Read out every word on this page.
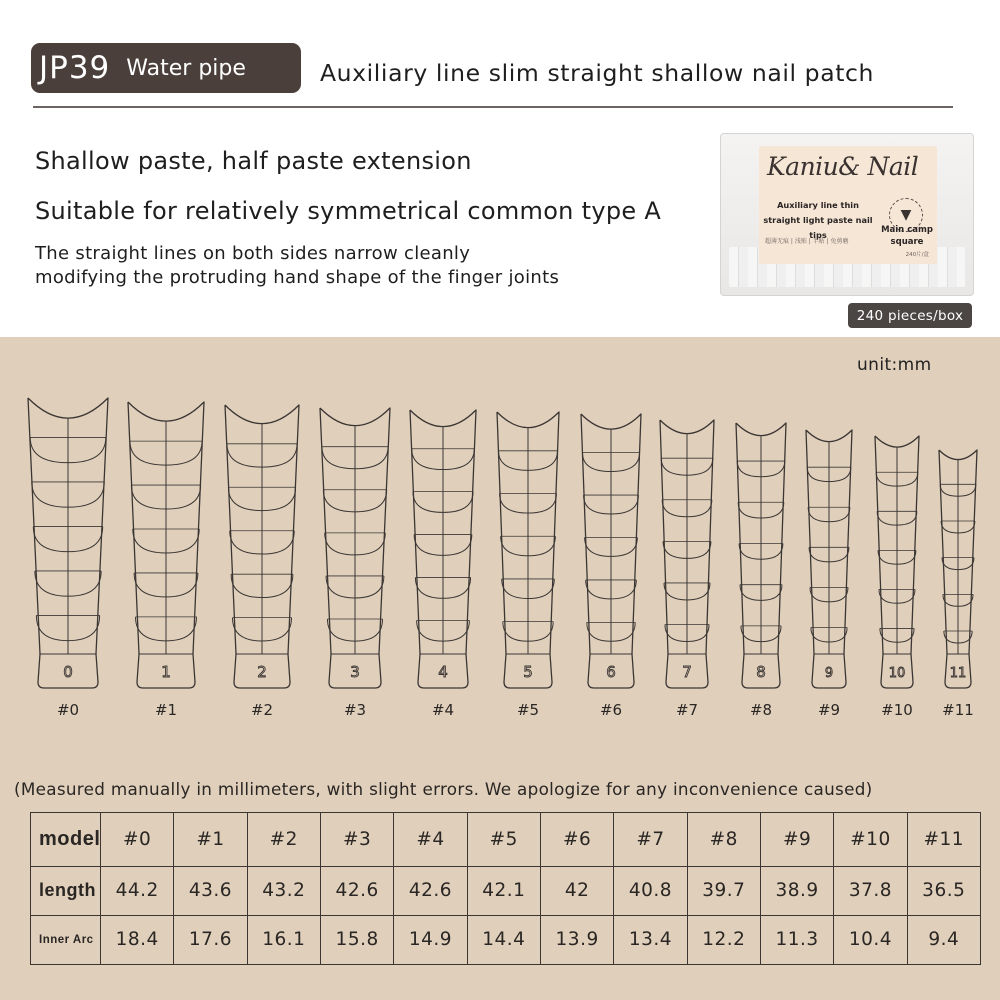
JP39 Water pipe	Auxiliary line slim straight shallow nail patch
Shallow paste, half paste extension
Suitable for relatively symmetrical common type A
The straight lines on both sides narrow cleanly
modifying the protruding hand shape of the finger joints
Kaniu& Nail
Auxiliary line thin straight light paste nail tips
超薄无痕 | 浅贴 | 半贴 | 免剪磨
▼
Main camp
square
240片/盒
240 pieces/box
unit:mm
0
#0
1
#1
2
#2
3
#3
4
#4
5
#5
6
#6
7
#7
8
#8
9
#9
10
#10
11
#11
(Measured manually in millimeters, with slight errors. We apologize for any inconvenience caused)
model	#0	#1	#2	#3	#4	#5	#6	#7	#8	#9	#10	#11
length	44.2	43.6	43.2	42.6	42.6	42.1	42	40.8	39.7	38.9	37.8	36.5
Inner Arc	18.4	17.6	16.1	15.8	14.9	14.4	13.9	13.4	12.2	11.3	10.4	9.4
